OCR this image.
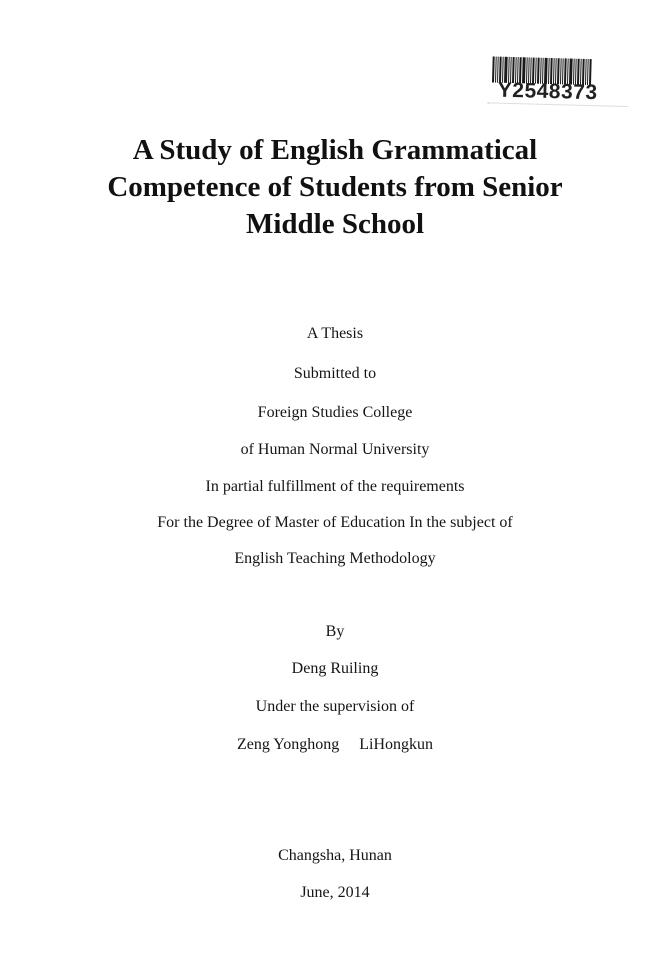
Y2548373
A Study of English Grammatical
Competence of Students from Senior
Middle School
A Thesis
Submitted to
Foreign Studies College
of Human Normal University
In partial fulfillment of the requirements
For the Degree of Master of Education In the subject of
English Teaching Methodology
By
Deng Ruiling
Under the supervision of
Zeng Yonghong LiHongkun
Changsha, Hunan
June, 2014
